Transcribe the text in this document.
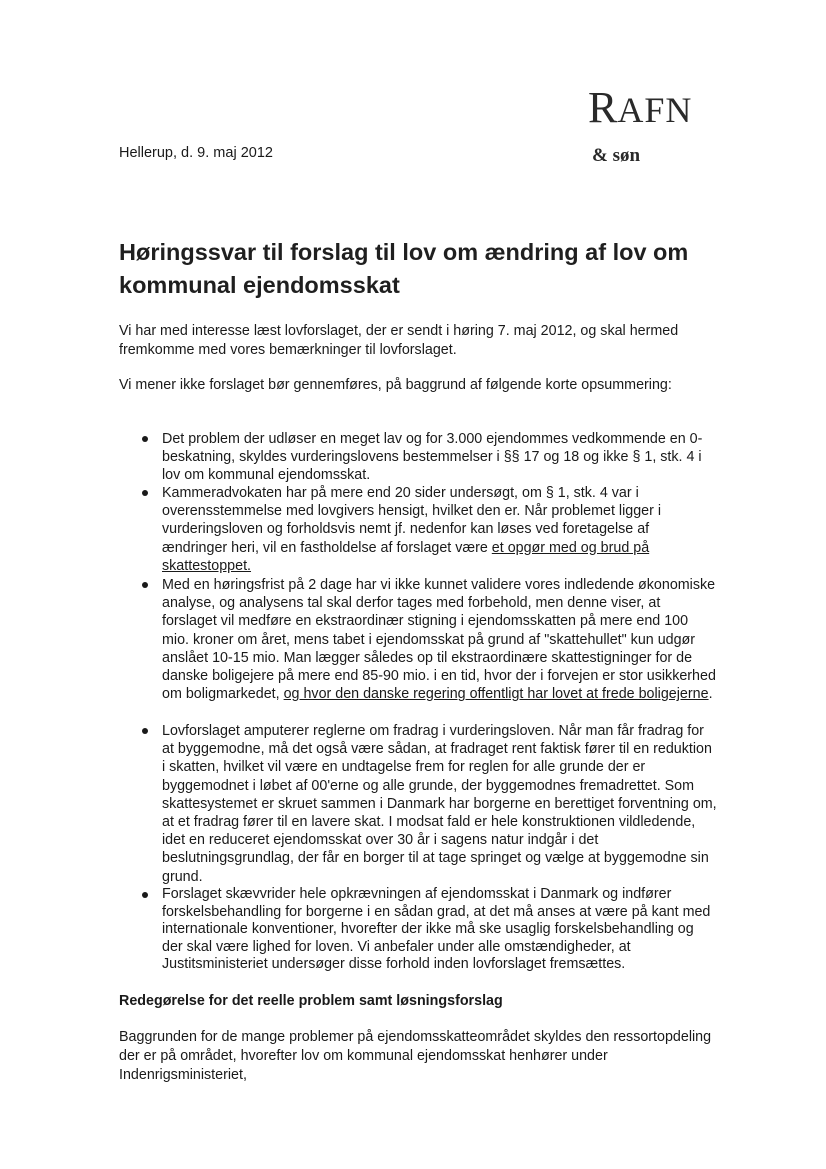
RAFN
& søn
Hellerup, d. 9. maj 2012
Høringssvar til forslag til lov om ændring af lov om kommunal ejendomsskat

Vi har med interesse læst lovforslaget, der er sendt i høring 7. maj 2012, og skal hermed fremkomme med vores bemærkninger til lovforslaget.

Vi mener ikke forslaget bør gennemføres, på baggrund af følgende korte opsummering:

Det problem der udløser en meget lav og for 3.000 ejendommes vedkommende en 0-beskatning, skyldes vurderingslovens bestemmelser i §§ 17 og 18 og ikke § 1, stk. 4 i lov om kommunal ejendomsskat.
Kammeradvokaten har på mere end 20 sider undersøgt, om § 1, stk. 4 var i overensstemmelse med lovgivers hensigt, hvilket den er. Når problemet ligger i vurderingsloven og forholdsvis nemt jf. nedenfor kan løses ved foretagelse af ændringer heri, vil en fastholdelse af forslaget være et opgør med og brud på skattestoppet.
Med en høringsfrist på 2 dage har vi ikke kunnet validere vores indledende økonomiske analyse, og analysens tal skal derfor tages med forbehold, men denne viser, at forslaget vil medføre en ekstraordinær stigning i ejendomsskatten på mere end 100 mio. kroner om året, mens tabet i ejendomsskat på grund af "skattehullet" kun udgør anslået 10-15 mio. Man lægger således op til ekstraordinære skattestigninger for de danske boligejere på mere end 85-90 mio. i en tid, hvor der i forvejen er stor usikkerhed om boligmarkedet, og hvor den danske regering offentligt har lovet at frede boligejerne.
Lovforslaget amputerer reglerne om fradrag i vurderingsloven. Når man får fradrag for at byggemodne, må det også være sådan, at fradraget rent faktisk fører til en reduktion i skatten, hvilket vil være en undtagelse frem for reglen for alle grunde der er byggemodnet i løbet af 00'erne og alle grunde, der byggemodnes fremadrettet. Som skattesystemet er skruet sammen i Danmark har borgerne en berettiget forventning om, at et fradrag fører til en lavere skat. I modsat fald er hele konstruktionen vildledende, idet en reduceret ejendomsskat over 30 år i sagens natur indgår i det beslutningsgrundlag, der får en borger til at tage springet og vælge at byggemodne sin grund.
Forslaget skævvrider hele opkrævningen af ejendomsskat i Danmark og indfører forskelsbehandling for borgerne i en sådan grad, at det må anses at være på kant med internationale konventioner, hvorefter der ikke må ske usaglig forskelsbehandling og der skal være lighed for loven. Vi anbefaler under alle omstændigheder, at Justitsministeriet undersøger disse forhold inden lovforslaget fremsættes.
Redegørelse for det reelle problem samt løsningsforslag

Baggrunden for de mange problemer på ejendomsskatteområdet skyldes den ressortopdeling der er på området, hvorefter lov om kommunal ejendomsskat henhører under Indenrigsministeriet,
